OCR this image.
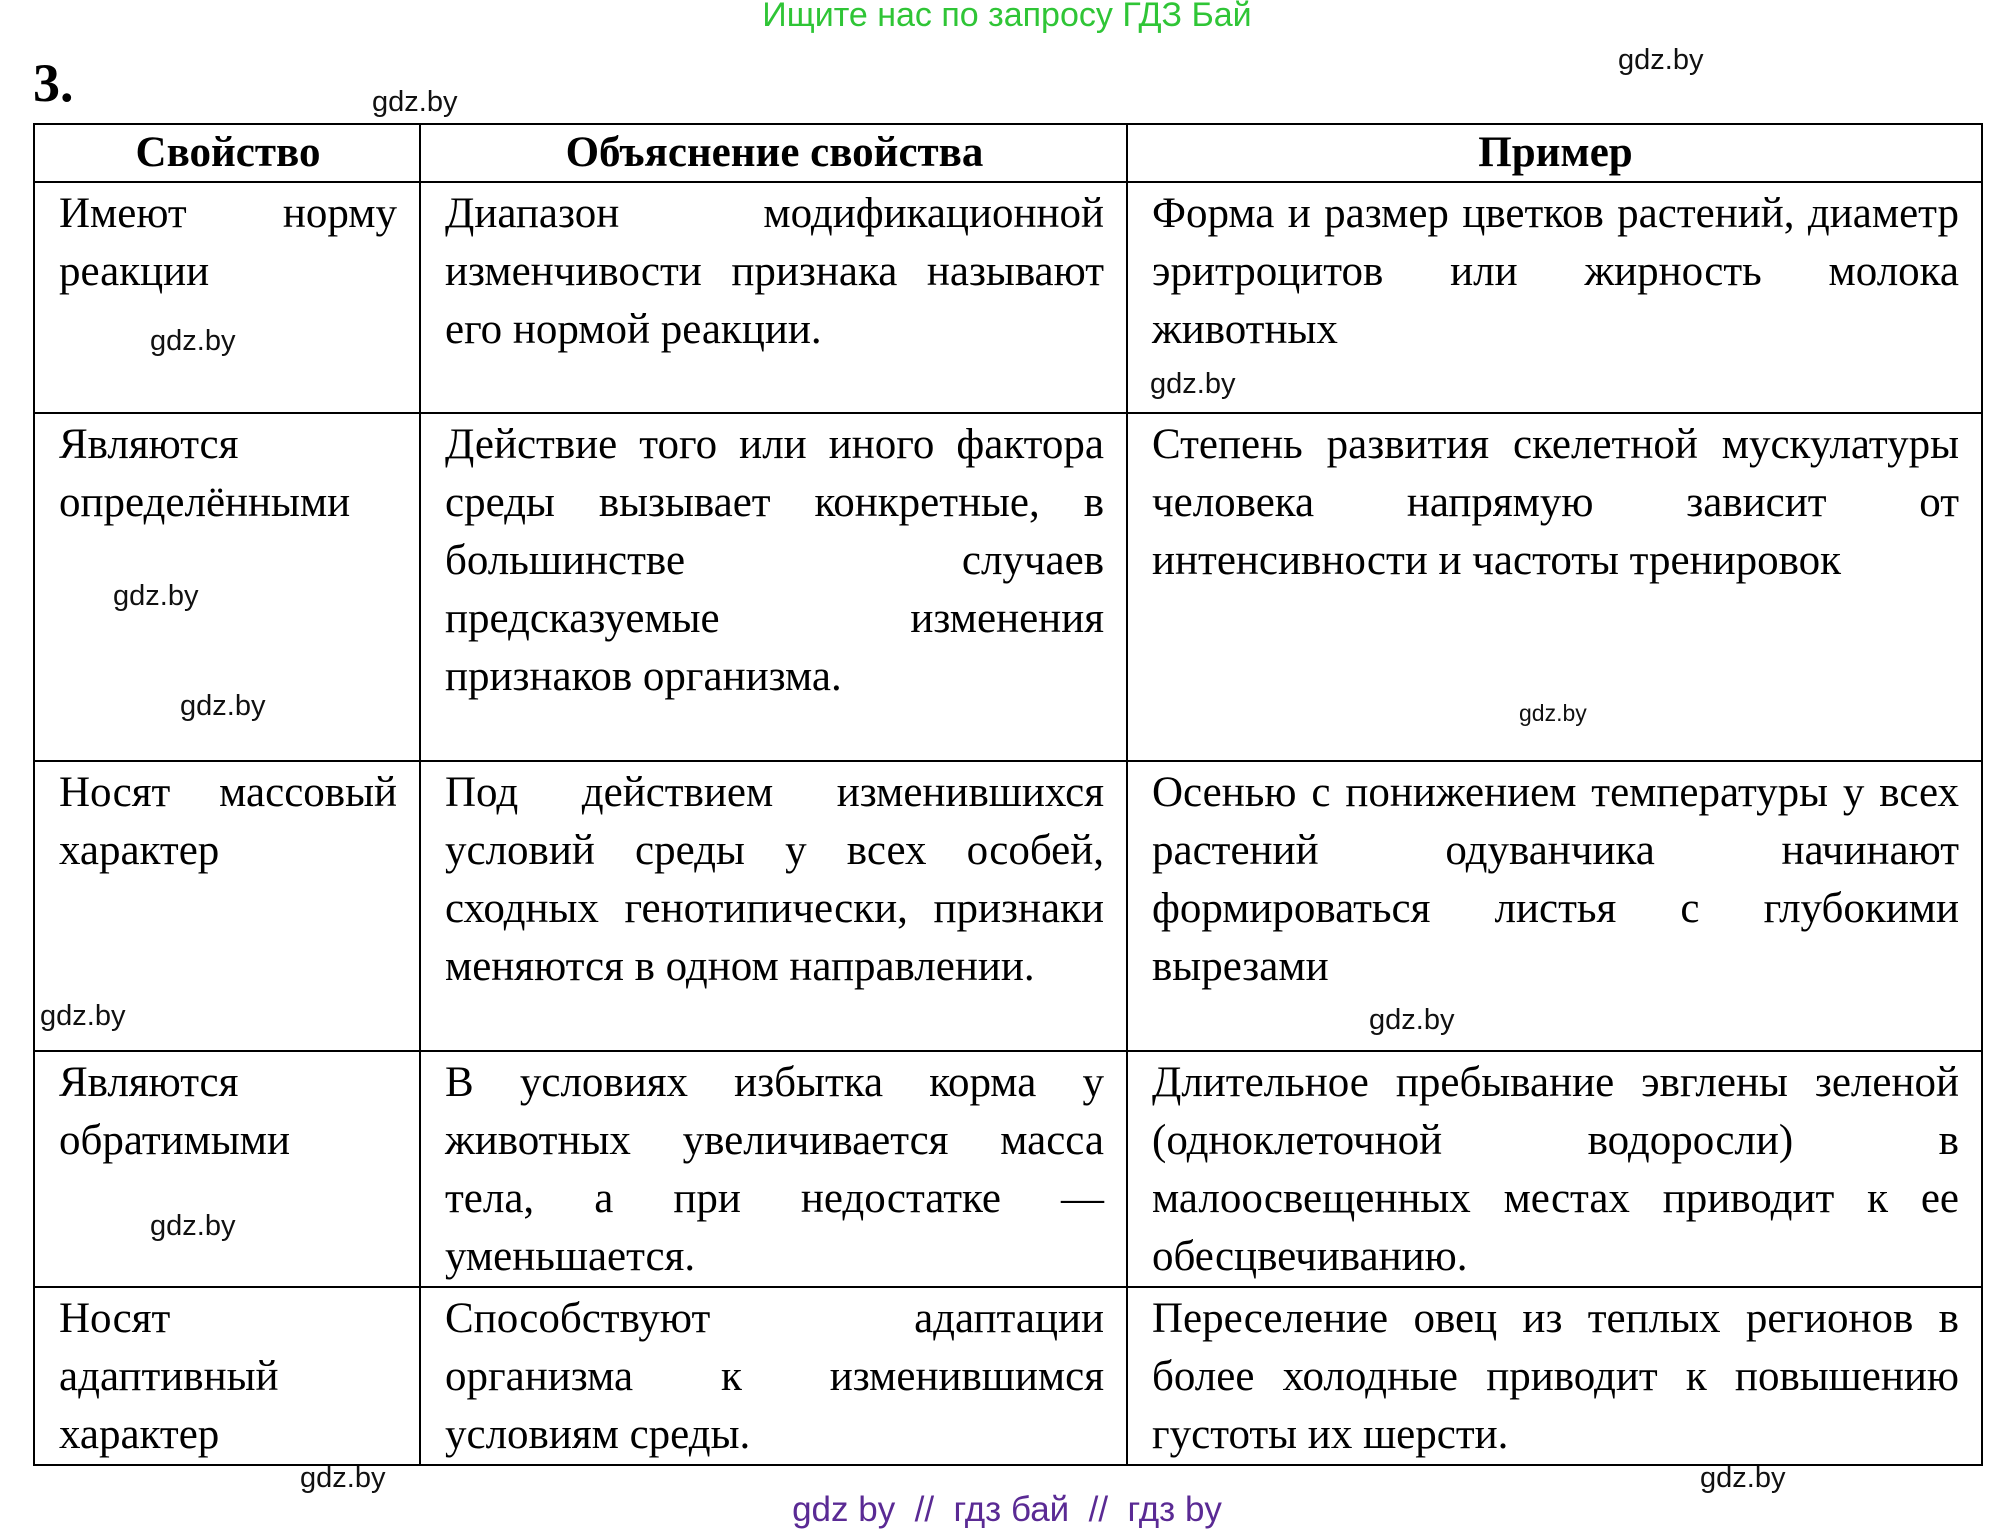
Ищите нас по запросу ГДЗ Бай
3.
Свойство	Объяснение свойства	Пример
Имеют норму реакции	Диапазон модификационной изменчивости признака называют его нормой реакции.	Форма и размер цветков растений, диаметр эритроцитов или жирность молока животных
Являются определёнными	Действие того или иного фактора среды вызывает конкретные, в большинстве случаев предсказуемые изменения признаков организма.	Степень развития скелетной мускулатуры человека напрямую зависит от интенсивности и частоты тренировок
Носят массовый характер	Под действием изменившихся условий среды у всех особей, сходных генотипически, признаки меняются в одном направлении.	Осенью с понижением температуры у всех растений одуванчика начинают формироваться листья с глубокими вырезами
Являются обратимыми	В условиях избытка корма у животных увеличивается масса тела, а при недостатке — уменьшается.	Длительное пребывание эвглены зеленой (одноклеточной водоросли) в малоосвещенных местах приводит к ее обесцвечиванию.
Носят адаптивный характер	Способствуют адаптации организма к изменившимся условиям среды.	Переселение овец из теплых регионов в более холодные приводит к повышению густоты их шерсти.
gdz.by
gdz.by
gdz.by
gdz.by
gdz.by
gdz.by	gdz.by
gdz.by	gdz.by
gdz.by
gdz.by	gdz.by
gdz by  //  гдз бай  //  гдз by
